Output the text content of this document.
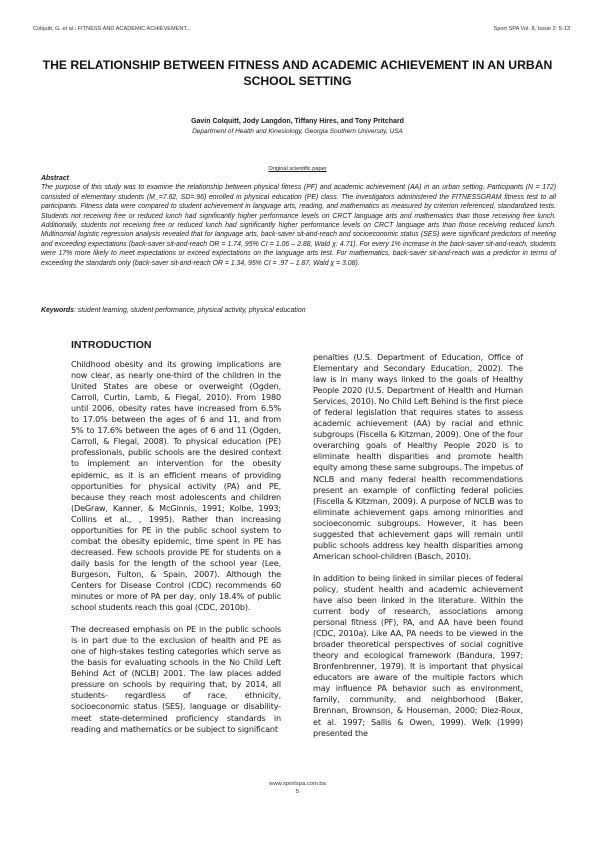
Colquitt, G. et al.: FITNESS AND ACADEMIC ACHIEVEMENT...	Sport SPA Vol. 8, Issue 2: 5-13
THE RELATIONSHIP BETWEEN FITNESS AND ACADEMIC ACHIEVEMENT IN AN URBAN SCHOOL SETTING
Gavin Colquitt, Jody Langdon, Tiffany Hires, and Tony Pritchard
Department of Health and Kinesiology, Georgia Southern University, USA
Original scientific paper
Abstract
The purpose of this study was to examine the relationship between physical fitness (PF) and academic achievement (AA) in an urban setting. Participants (N = 172) consisted of elementary students (M_=7.62, SD=.96) enrolled in physical education (PE) class. The investigators administered the FITNESSGRAM fitness test to all participants. Fitness data were compared to student achievement in language arts, reading, and mathematics as measured by criterion referenced, standardized tests. Students not receiving free or reduced lunch had significantly higher performance levels on CRCT language arts and mathematics than those receiving free lunch. Additionally, students not receiving free or reduced lunch had significantly higher performance levels on CRCT language arts than those receiving reduced lunch. Multinomial logistic regression analysis revealed that for language arts, back-saver sit-and-reach and socioeconomic status (SES) were significant predictors of meeting and exceeding expectations (back-saver sit-and-reach OR = 1.74, 95% CI = 1.06 – 2.88, Wald χ: 4.71). For every 1% increase in the back-saver sit-and-reach, students were 17% more likely to meet expectations or exceed expectations on the language arts test. For mathematics, back-saver sit-and-reach was a predictor in terms of exceeding the standards only (back-saver sit-and-reach OR = 1.34, 95% CI = .97 – 1.87, Wald χ = 3.08).
Keywords: student learning, student performance, physical activity, physical education
INTRODUCTION

Childhood obesity and its growing implications are now clear, as nearly one-third of the children in the United States are obese or overweight (Ogden, Carroll, Curtin, Lamb, & Flegal, 2010). From 1980 until 2006, obesity rates have increased from 6.5% to 17.0% between the ages of 6 and 11, and from 5% to 17.6% between the ages of 6 and 11 (Ogden, Carroll, & Flegal, 2008). To physical education (PE) professionals, public schools are the desired context to implement an intervention for the obesity epidemic, as it is an efficient means of providing opportunities for physical activity (PA) and PE, because they reach most adolescents and children (DeGraw, Kanner, & McGinnis, 1991; Kolbe, 1993; Collins et al., , 1995). Rather than increasing opportunities for PE in the public school system to combat the obesity epidemic, time spent in PE has decreased. Few schools provide PE for students on a daily basis for the length of the school year (Lee, Burgeson, Fulton, & Spain, 2007). Although the Centers for Disease Control (CDC) recommends 60 minutes or more of PA per day, only 18.4% of public school students reach this goal (CDC, 2010b).

The decreased emphasis on PE in the public schools is in part due to the exclusion of health and PE as one of high-stakes testing categories which serve as the basis for evaluating schools in the No Child Left Behind Act of (NCLB) 2001. The law places added pressure on schools by requiring that, by 2014, all students- regardless of race, ethnicity, socioeconomic status (SES), language or disability- meet state-determined proficiency standards in reading and mathematics or be subject to significant

penalties (U.S. Department of Education, Office of Elementary and Secondary Education, 2002). The law is in many ways linked to the goals of Healthy People 2020 (U.S. Department of Health and Human Services, 2010). No Child Left Behind is the first piece of federal legislation that requires states to assess academic achievement (AA) by racial and ethnic subgroups (Fiscella & Kitzman, 2009). One of the four overarching goals of Healthy People 2020 is to eliminate health disparities and promote health equity among these same subgroups. The impetus of NCLB and many federal health recommendations present an example of conflicting federal policies (Fiscella & Kitzman, 2009). A purpose of NCLB was to eliminate achievement gaps among minorities and socioeconomic subgroups. However, it has been suggested that achievement gaps will remain until public schools address key health disparities among American school-children (Basch, 2010).

In addition to being linked in similar pieces of federal policy, student health and academic achievement have also been linked in the literature. Within the current body of research, associations among personal fitness (PF), PA, and AA have been found (CDC, 2010a). Like AA, PA needs to be viewed in the broader theoretical perspectives of social cognitive theory and ecological framework (Bandura, 1997; Bronfenbrenner, 1979). It is important that physical educators are aware of the multiple factors which may influence PA behavior such as environment, family, community, and neighborhood (Baker, Brennan, Brownson, & Houseman, 2000; Diez-Roux, et al. 1997; Sallis & Owen, 1999). Welk (1999) presented the

www.sportspa.com.ba
5
